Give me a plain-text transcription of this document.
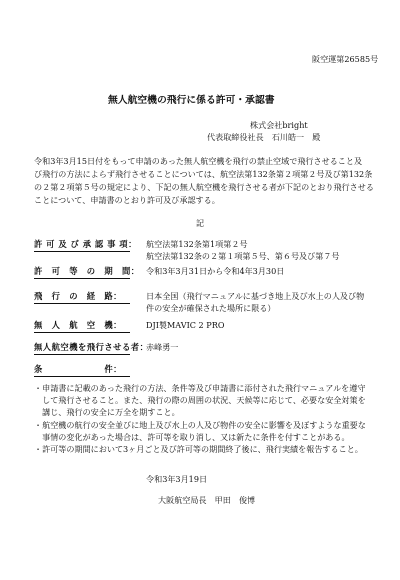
阪空運第26585号
無人航空機の飛行に係る許可・承認書
株式会社bright
代表取締役社長　石川皓一　殿
令和3年3月15日付をもって申請のあった無人航空機を飛行の禁止空域で飛行させること及
び飛行の方法によらず飛行させることについては、航空法第132条第２項第２号及び第132条
の２第２項第５号の規定により、下記の無人航空機を飛行させる者が下記のとおり飛行させる
ことについて、申請書のとおり許可及び承認する。
記
許 可 及 び 承 認 事 項： 航空法第132条第1項第２号
航空法第132条の２第１項第５号、第６号及び第７号
許　可　等　の　期　間： 令和3年3月31日から令和4年3月30日
飛　行　の　経　路：	日本全国（飛行マニュアルに基づき地上及び水上の人及び物
件の安全が確保された場所に限る）
無　人　航　空　機：	DJI製MAVIC 2 PRO
無人航空機を飛行させる者：
赤峰勇一
条　　　　　　　件：
・申請書に記載のあった飛行の方法、条件等及び申請書に添付された飛行マニュアルを遵守
　して飛行させること。また、飛行の際の周囲の状況、天候等に応じて、必要な安全対策を
　講じ、飛行の安全に万全を期すこと。
・航空機の航行の安全並びに地上及び水上の人及び物件の安全に影響を及ぼすような重要な
　事情の変化があった場合は、許可等を取り消し、又は新たに条件を付すことがある。
・許可等の期間において3ヶ月ごと及び許可等の期間終了後に、飛行実績を報告すること。
令和3年3月19日
大阪航空局長　甲田　俊博
